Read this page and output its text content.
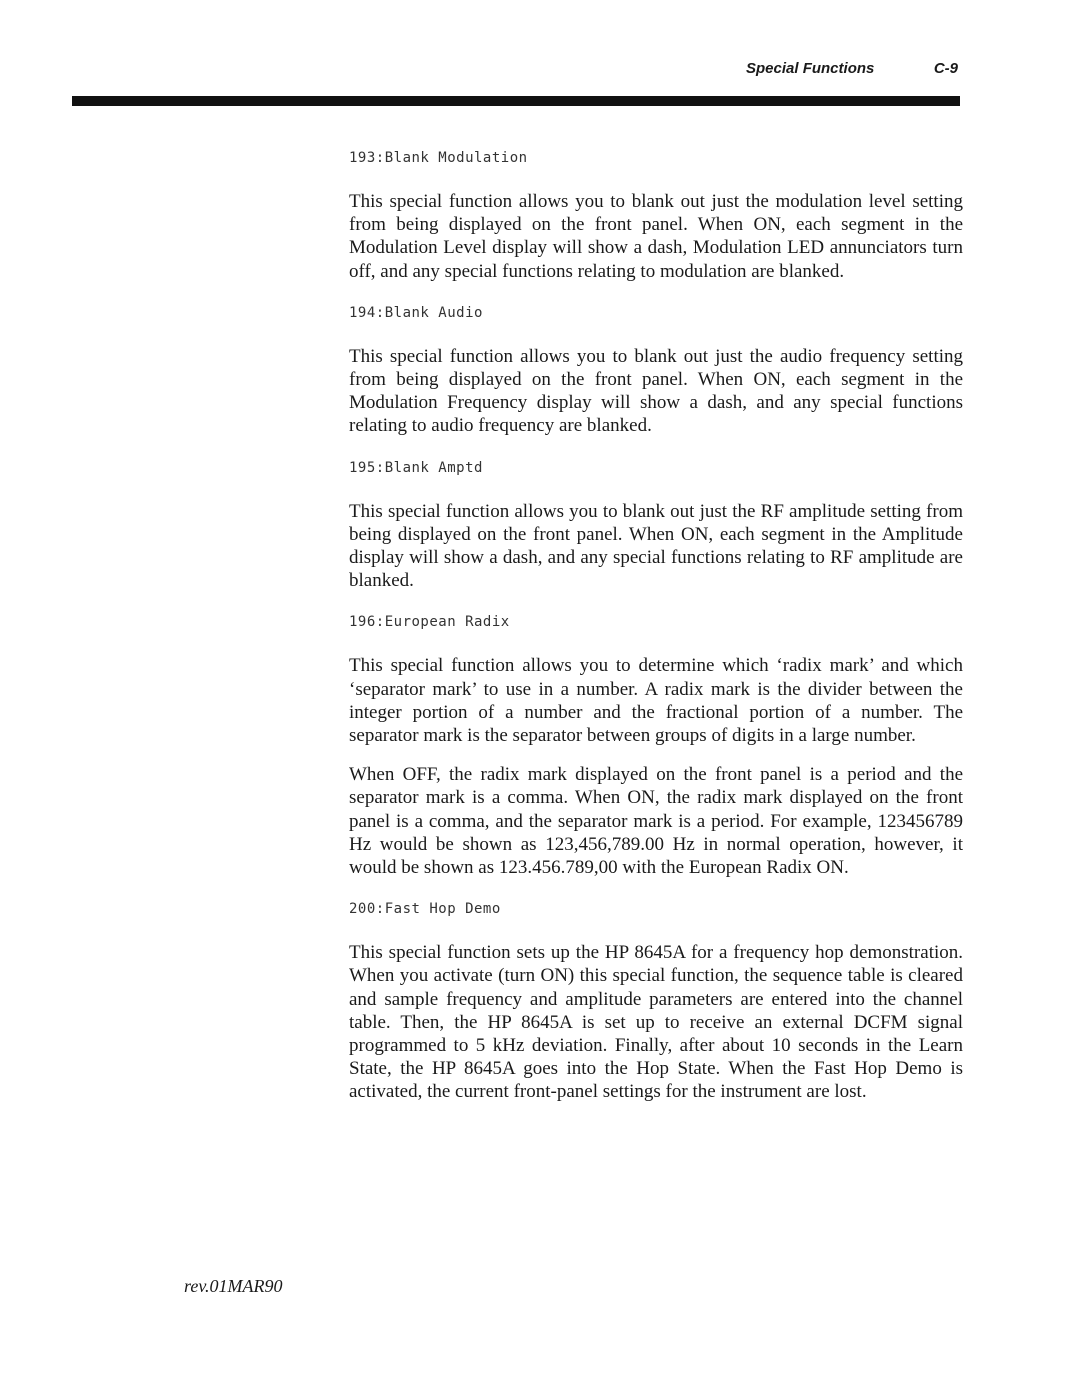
Special Functions	C-9
193:Blank Modulation

This special function allows you to blank out just the modulation level setting from being displayed on the front panel. When ON, each segment in the Modulation Level display will show a dash, Modulation LED annunciators turn off, and any special functions relating to modulation are blanked.

194:Blank Audio

This special function allows you to blank out just the audio frequency setting from being displayed on the front panel. When ON, each segment in the Modulation Frequency display will show a dash, and any special functions relating to audio frequency are blanked.

195:Blank Amptd

This special function allows you to blank out just the RF amplitude setting from being displayed on the front panel. When ON, each segment in the Amplitude display will show a dash, and any special functions relating to RF amplitude are blanked.

196:European Radix

This special function allows you to determine which ‘radix mark’ and which ‘separator mark’ to use in a number. A radix mark is the divider between the integer portion of a number and the fractional portion of a number. The separator mark is the separator between groups of digits in a large number.

When OFF, the radix mark displayed on the front panel is a period and the separator mark is a comma. When ON, the radix mark displayed on the front panel is a comma, and the separator mark is a period. For example, 123456789 Hz would be shown as 123,456,789.00 Hz in normal operation, however, it would be shown as 123.456.789,00 with the European Radix ON.

200:Fast Hop Demo

This special function sets up the HP 8645A for a frequency hop demonstration. When you activate (turn ON) this special function, the sequence table is cleared and sample frequency and amplitude parameters are entered into the channel table. Then, the HP 8645A is set up to receive an external DCFM signal programmed to 5 kHz deviation. Finally, after about 10 seconds in the Learn State, the HP 8645A goes into the Hop State. When the Fast Hop Demo is activated, the current front-panel settings for the instrument are lost.

rev.01MAR90
